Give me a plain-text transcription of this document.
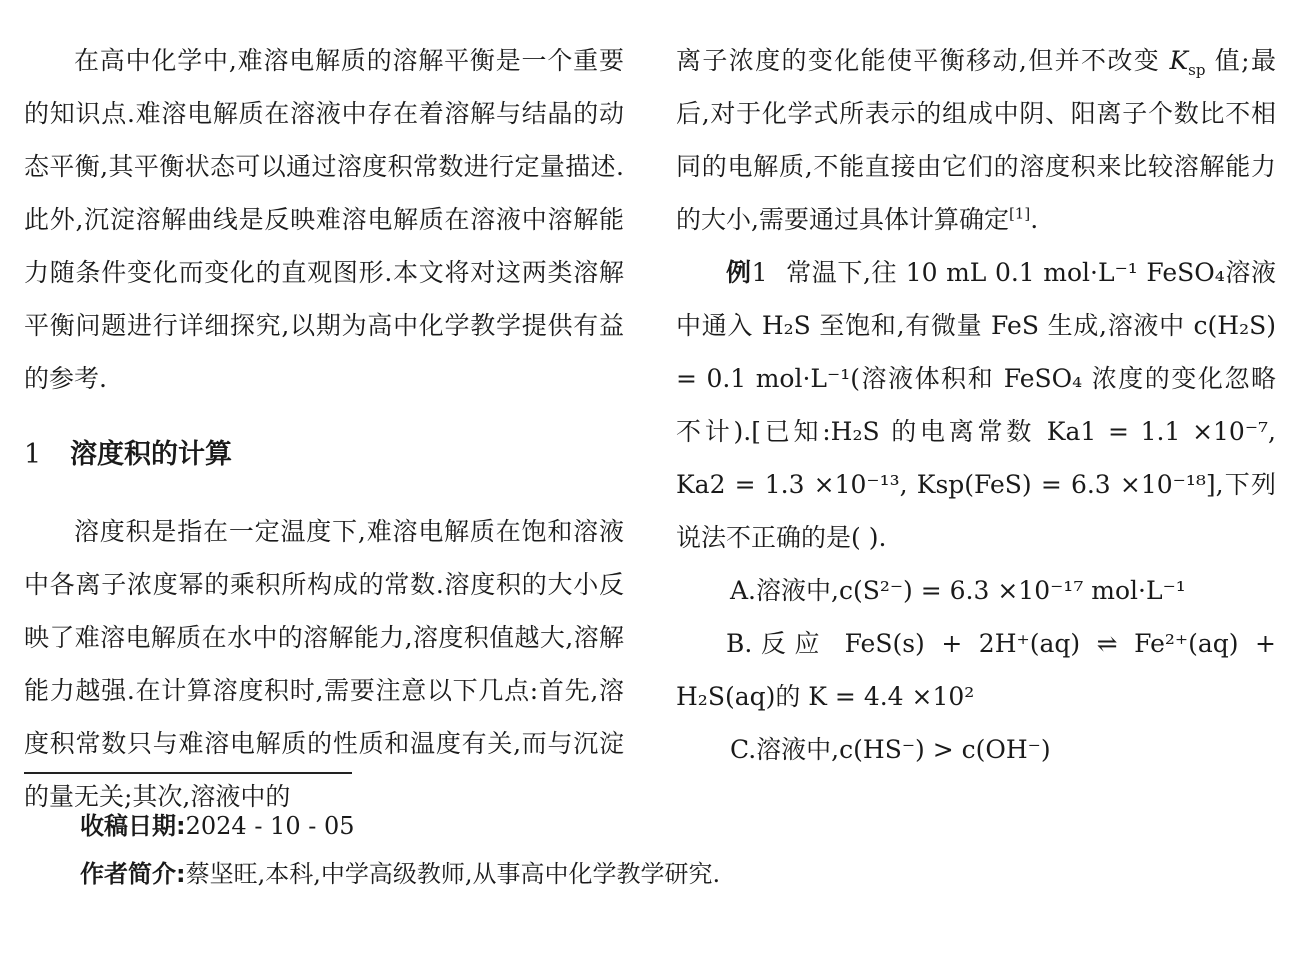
在高中化学中,难溶电解质的溶解平衡是一个重要的知识点.难溶电解质在溶液中存在着溶解与结晶的动态平衡,其平衡状态可以通过溶度积常数进行定量描述.此外,沉淀溶解曲线是反映难溶电解质在溶液中溶解能力随条件变化而变化的直观图形.本文将对这两类溶解平衡问题进行详细探究,以期为高中化学教学提供有益的参考.

1 溶度积的计算

溶度积是指在一定温度下,难溶电解质在饱和溶液中各离子浓度幂的乘积所构成的常数.溶度积的大小反映了难溶电解质在水中的溶解能力,溶度积值越大,溶解能力越强.在计算溶度积时,需要注意以下几点:首先,溶度积常数只与难溶电解质的性质和温度有关,而与沉淀的量无关;其次,溶液中的

离子浓度的变化能使平衡移动,但并不改变 $K_{sp}$ 值;最后,对于化学式所表示的组成中阴、阳离子个数比不相同的电解质,不能直接由它们的溶度积来比较溶解能力的大小,需要通过具体计算确定[1].

例1 常温下,往 10 mL 0.1 mol·L⁻¹ FeSO₄溶液中通入 H₂S 至饱和,有微量 FeS 生成,溶液中 c(H₂S) = 0.1 mol·L⁻¹(溶液体积和 FeSO₄ 浓度的变化忽略不计).[已知:H₂S 的电离常数 Ka1 = 1.1 ×10⁻⁷, Ka2 = 1.3 ×10⁻¹³, Ksp(FeS) = 6.3 ×10⁻¹⁸],下列说法不正确的是( ).

A.溶液中,c(S²⁻) = 6.3 ×10⁻¹⁷ mol·L⁻¹

B.反应 FeS(s) + 2H⁺(aq) ⇌ Fe²⁺(aq) + H₂S(aq)的 K = 4.4 ×10²

C.溶液中,c(HS⁻) > c(OH⁻)

收稿日期:2024 - 10 - 05
作者简介:蔡坚旺,本科,中学高级教师,从事高中化学教学研究.
